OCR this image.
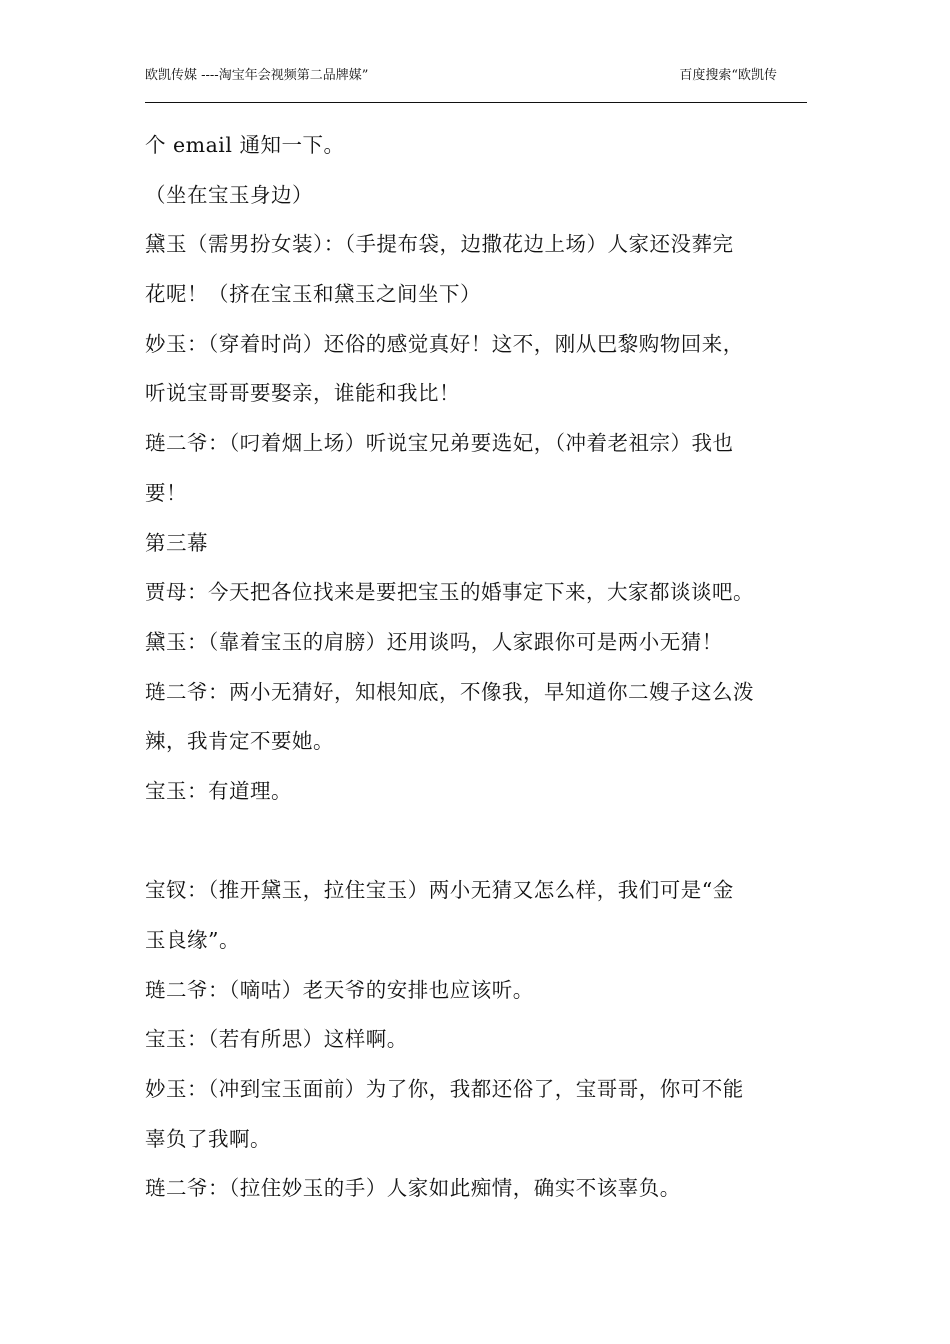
欧凯传媒 ----淘宝年会视频第二品牌媒”	百度搜索“欧凯传
个 email 通知一下。
（坐在宝玉身边）
黛玉（需男扮女装）：（手提布袋，边撒花边上场）人家还没葬完
花呢！（挤在宝玉和黛玉之间坐下）
妙玉：（穿着时尚）还俗的感觉真好！这不，刚从巴黎购物回来，
听说宝哥哥要娶亲，谁能和我比！
琏二爷：（叼着烟上场）听说宝兄弟要选妃，（冲着老祖宗）我也
要！
第三幕
贾母：今天把各位找来是要把宝玉的婚事定下来，大家都谈谈吧。
黛玉：（靠着宝玉的肩膀）还用谈吗，人家跟你可是两小无猜！
琏二爷：两小无猜好，知根知底，不像我，早知道你二嫂子这么泼
辣，我肯定不要她。
宝玉：有道理。
宝钗：（推开黛玉，拉住宝玉）两小无猜又怎么样，我们可是“金
玉良缘”。
琏二爷：（嘀咕）老天爷的安排也应该听。
宝玉：（若有所思）这样啊。
妙玉：（冲到宝玉面前）为了你，我都还俗了，宝哥哥，你可不能
辜负了我啊。
琏二爷：（拉住妙玉的手）人家如此痴情，确实不该辜负。
